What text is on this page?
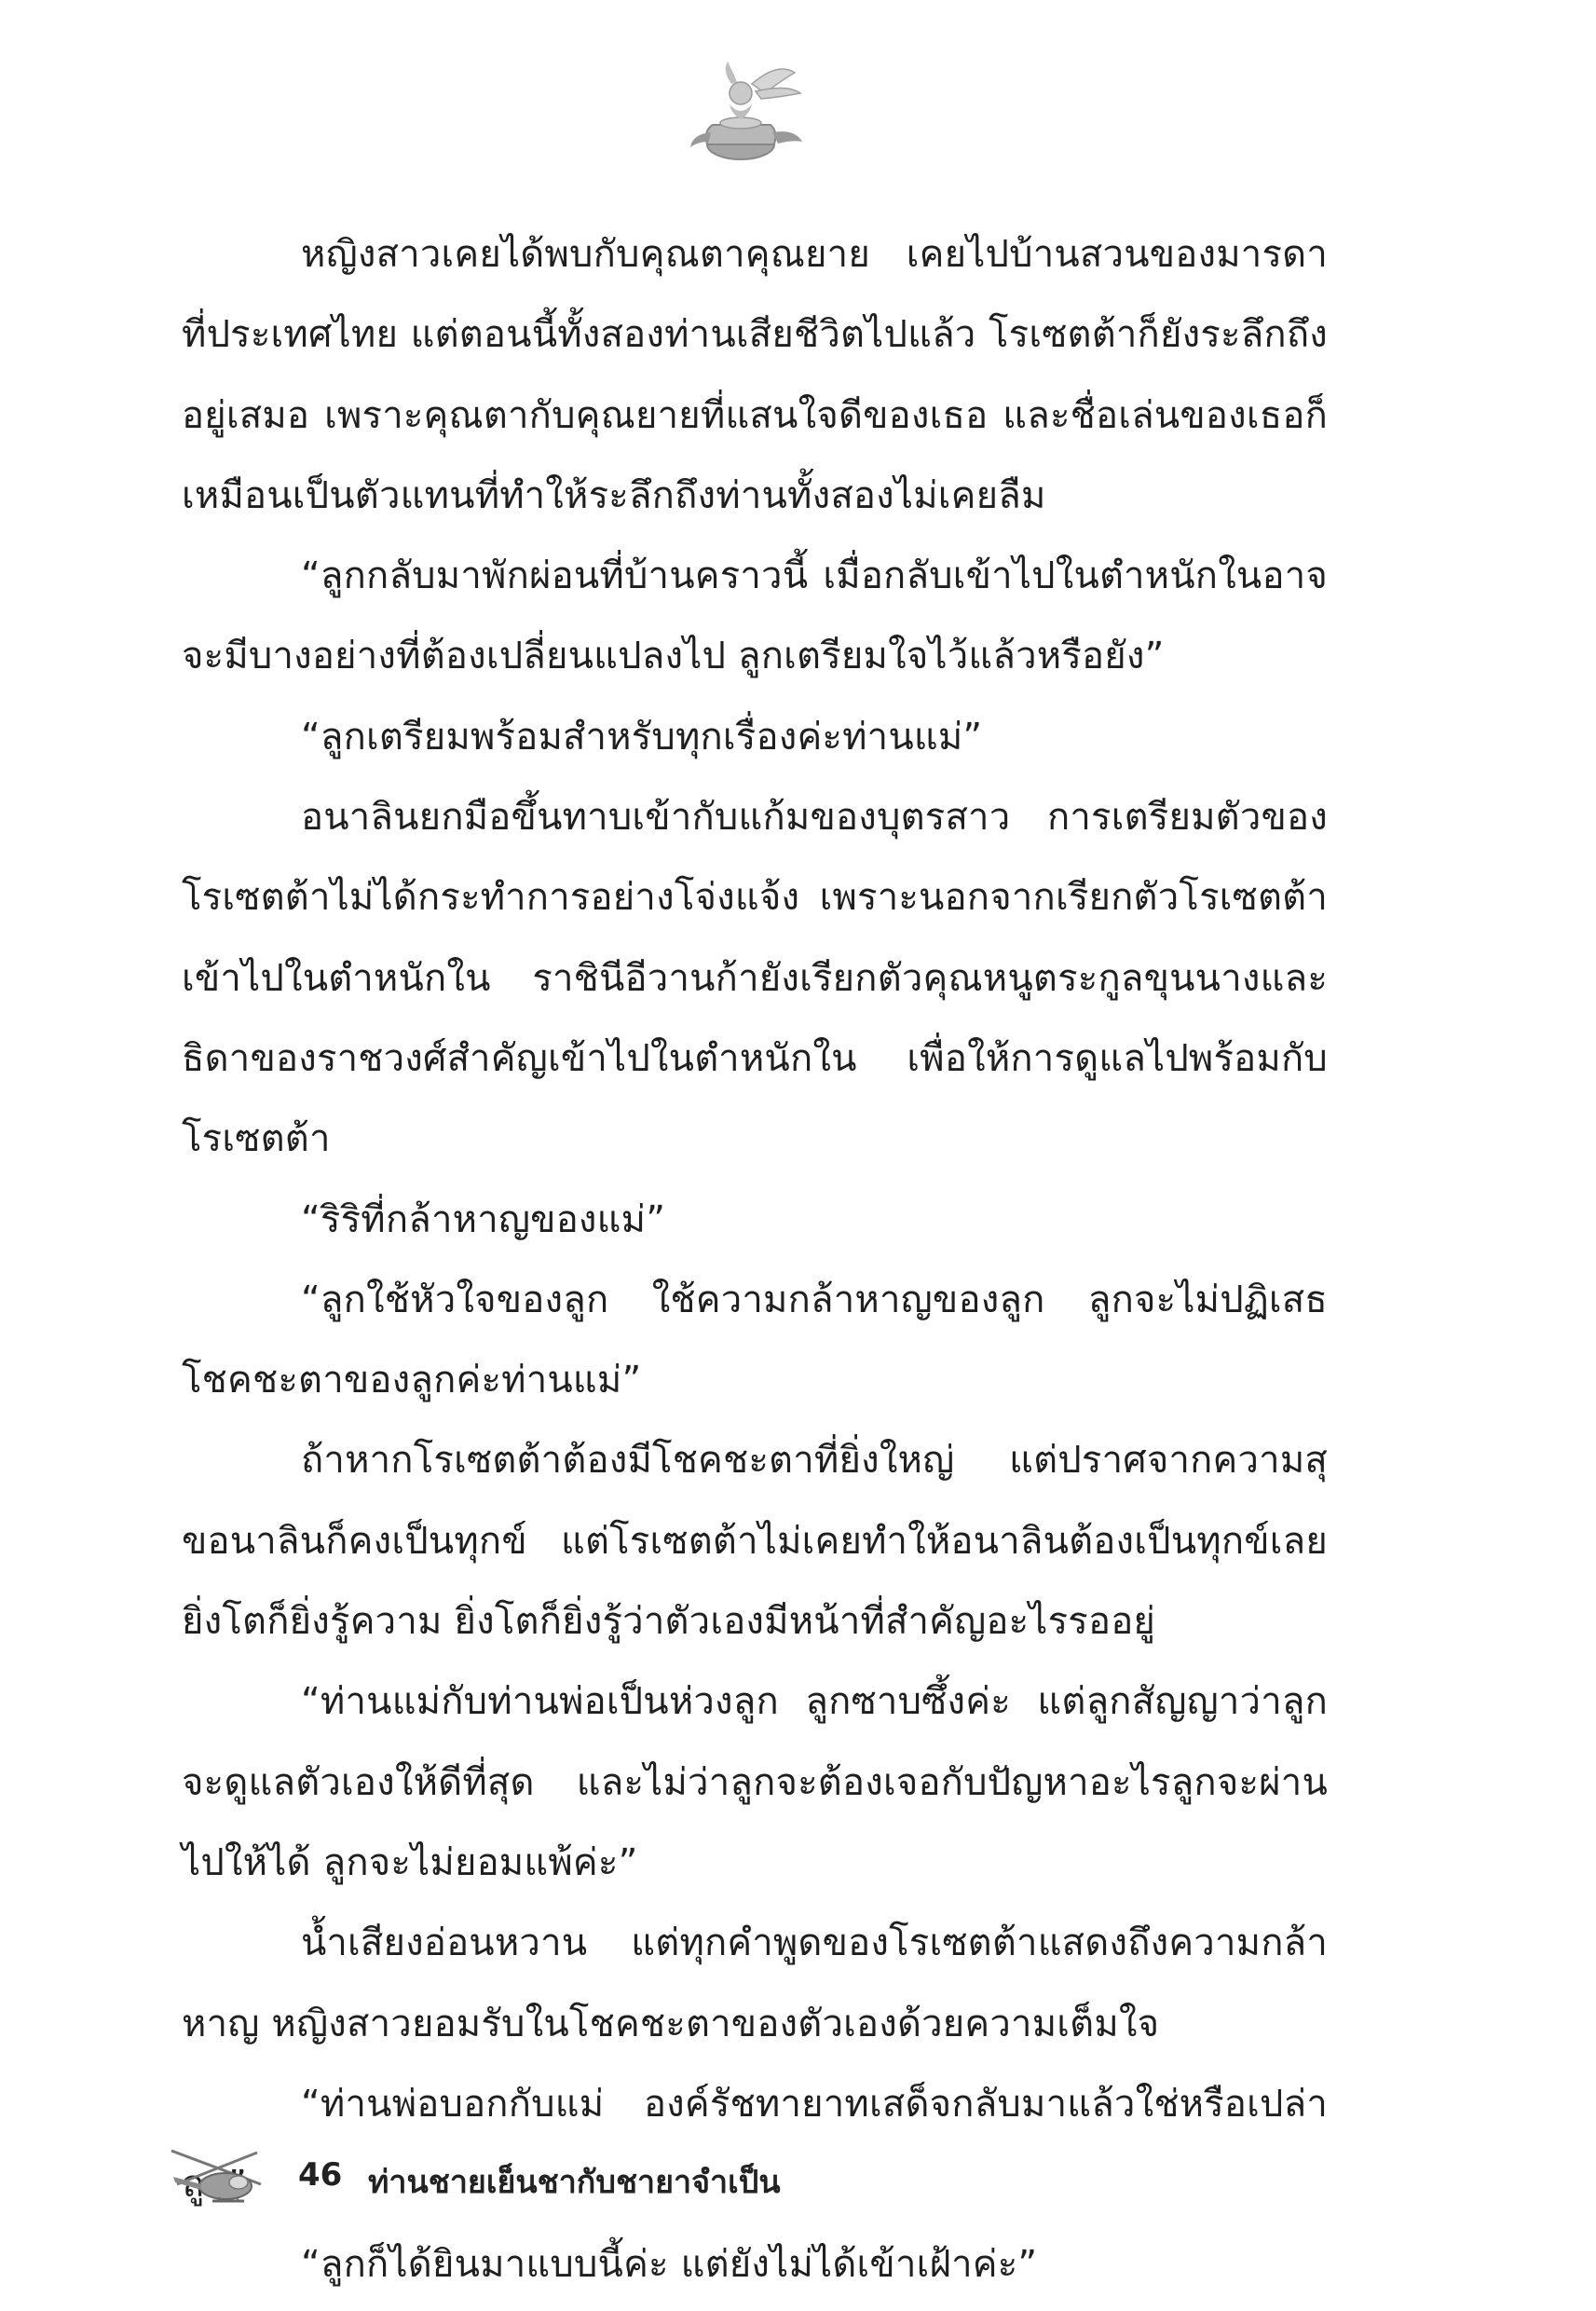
หญิงสาวเคยได้พบกับคุณตาคุณยาย เคยไปบ้านสวนของมารดาที่ประเทศไทย แต่ตอนนี้ทั้งสองท่านเสียชีวิตไปแล้ว โรเซตต้าก็ยังระลึกถึงอยู่เสมอ เพราะคุณตากับคุณยายที่แสนใจดีของเธอ และชื่อเล่นของเธอก็เหมือนเป็นตัวแทนที่ทำให้ระลึกถึงท่านทั้งสองไม่เคยลืม

“ลูกกลับมาพักผ่อนที่บ้านคราวนี้ เมื่อกลับเข้าไปในตำหนักในอาจจะมีบางอย่างที่ต้องเปลี่ยนแปลงไป ลูกเตรียมใจไว้แล้วหรือยัง”

“ลูกเตรียมพร้อมสำหรับทุกเรื่องค่ะท่านแม่”

อนาลินยกมือขึ้นทาบเข้ากับแก้มของบุตรสาว การเตรียมตัวของโรเซตต้าไม่ได้กระทำการอย่างโจ่งแจ้ง เพราะนอกจากเรียกตัวโรเซตต้าเข้าไปในตำหนักใน ราชินีอีวานก้ายังเรียกตัวคุณหนูตระกูลขุนนางและธิดาของราชวงศ์สำคัญเข้าไปในตำหนักใน เพื่อให้การดูแลไปพร้อมกับโรเซตต้า

“ริริที่กล้าหาญของแม่”

“ลูกใช้หัวใจของลูก ใช้ความกล้าหาญของลูก ลูกจะไม่ปฏิเสธโชคชะตาของลูกค่ะท่านแม่”

ถ้าหากโรเซตต้าต้องมีโชคชะตาที่ยิ่งใหญ่ แต่ปราศจากความสุขอนาลินก็คงเป็นทุกข์ แต่โรเซตต้าไม่เคยทำให้อนาลินต้องเป็นทุกข์เลย ยิ่งโตก็ยิ่งรู้ความ ยิ่งโตก็ยิ่งรู้ว่าตัวเองมีหน้าที่สำคัญอะไรรออยู่

“ท่านแม่กับท่านพ่อเป็นห่วงลูก ลูกซาบซึ้งค่ะ แต่ลูกสัญญาว่าลูกจะดูแลตัวเองให้ดีที่สุด และไม่ว่าลูกจะต้องเจอกับปัญหาอะไรลูกจะผ่านไปให้ได้ ลูกจะไม่ยอมแพ้ค่ะ”

น้ำเสียงอ่อนหวาน แต่ทุกคำพูดของโรเซตต้าแสดงถึงความกล้าหาญ หญิงสาวยอมรับในโชคชะตาของตัวเองด้วยความเต็มใจ

“ท่านพ่อบอกกับแม่ องค์รัชทายาทเสด็จกลับมาแล้วใช่หรือเปล่า

“ลูกก็ได้ยินมาแบบนี้ค่ะ แต่ยังไม่ได้เข้าเฝ้าค่ะ”

46 ท่านชายเย็นชากับชายาจำเป็น
